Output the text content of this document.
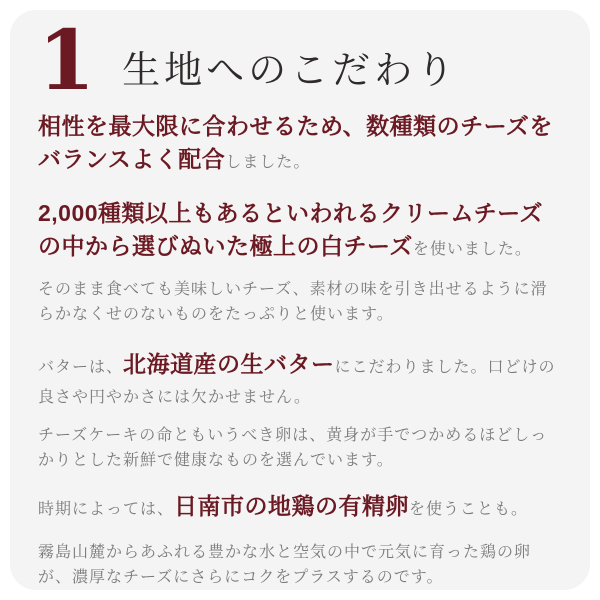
1 生地へのこだわり

相性を最大限に合わせるため、数種類のチーズをバランスよく配合しました。

2,000種類以上もあるといわれるクリームチーズの中から選びぬいた極上の白チーズを使いました。

そのまま食べても美味しいチーズ、素材の味を引き出せるように滑らかなくせのないものをたっぷりと使います。

バターは、北海道産の生バターにこだわりました。口どけの良さや円やかさには欠かせません。

チーズケーキの命ともいうべき卵は、黄身が手でつかめるほどしっかりとした新鮮で健康なものを選んでいます。

時期によっては、日南市の地鶏の有精卵を使うことも。

霧島山麓からあふれる豊かな水と空気の中で元気に育った鶏の卵が、濃厚なチーズにさらにコクをプラスするのです。
